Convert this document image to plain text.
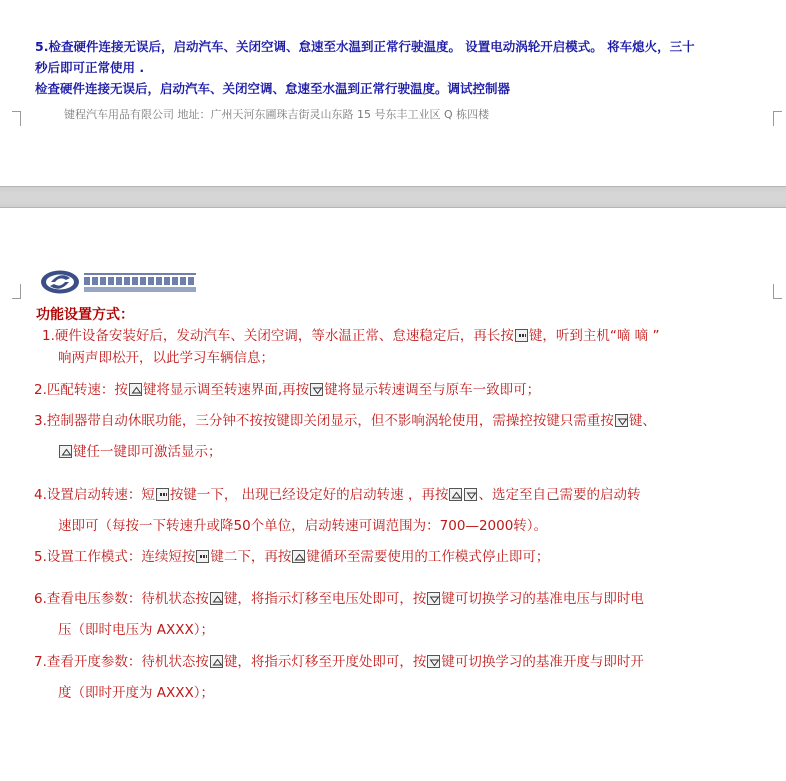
5.检查硬件连接无误后，启动汽车、关闭空调、怠速至水温到正常行驶温度。 设置电动涡轮开启模式。 将车熄火，三十
秒后即可正常使用 .
检查硬件连接无误后，启动汽车、关闭空调、怠速至水温到正常行驶温度。调试控制器
键程汽车用品有限公司 地址：广州天河东圃珠吉街灵山东路 15 号东丰工业区 Q 栋四楼
功能设置方式：
1.硬件设备安装好后，发动汽车、关闭空调，等水温正常、怠速稳定后，再长按 键，听到主机“嘀 嘀 ”
响两声即松开，以此学习车辆信息；
2.匹配转速：按 键将显示调至转速界面,再按 键将显示转速调至与原车一致即可；
3.控制器带自动休眠功能，三分钟不按按键即关闭显示，但不影响涡轮使用，需操控按键只需重按 键、
键任一键即可激活显示；
4.设置启动转速：短 按键一下， 出现已经设定好的启动转速 ，再按 、选定至自己需要的启动转
速即可（每按一下转速升或降50个单位，启动转速可调范围为：700—2000转）。
5.设置工作模式：连续短按 键二下，再按 键循环至需要使用的工作模式停止即可；
6.查看电压参数：待机状态按 键，将指示灯移至电压处即可，按 键可切换学习的基准电压与即时电
压（即时电压为 AXXX）；
7.查看开度参数：待机状态按 键，将指示灯移至开度处即可，按 键可切换学习的基准开度与即时开
度（即时开度为 AXXX）；
